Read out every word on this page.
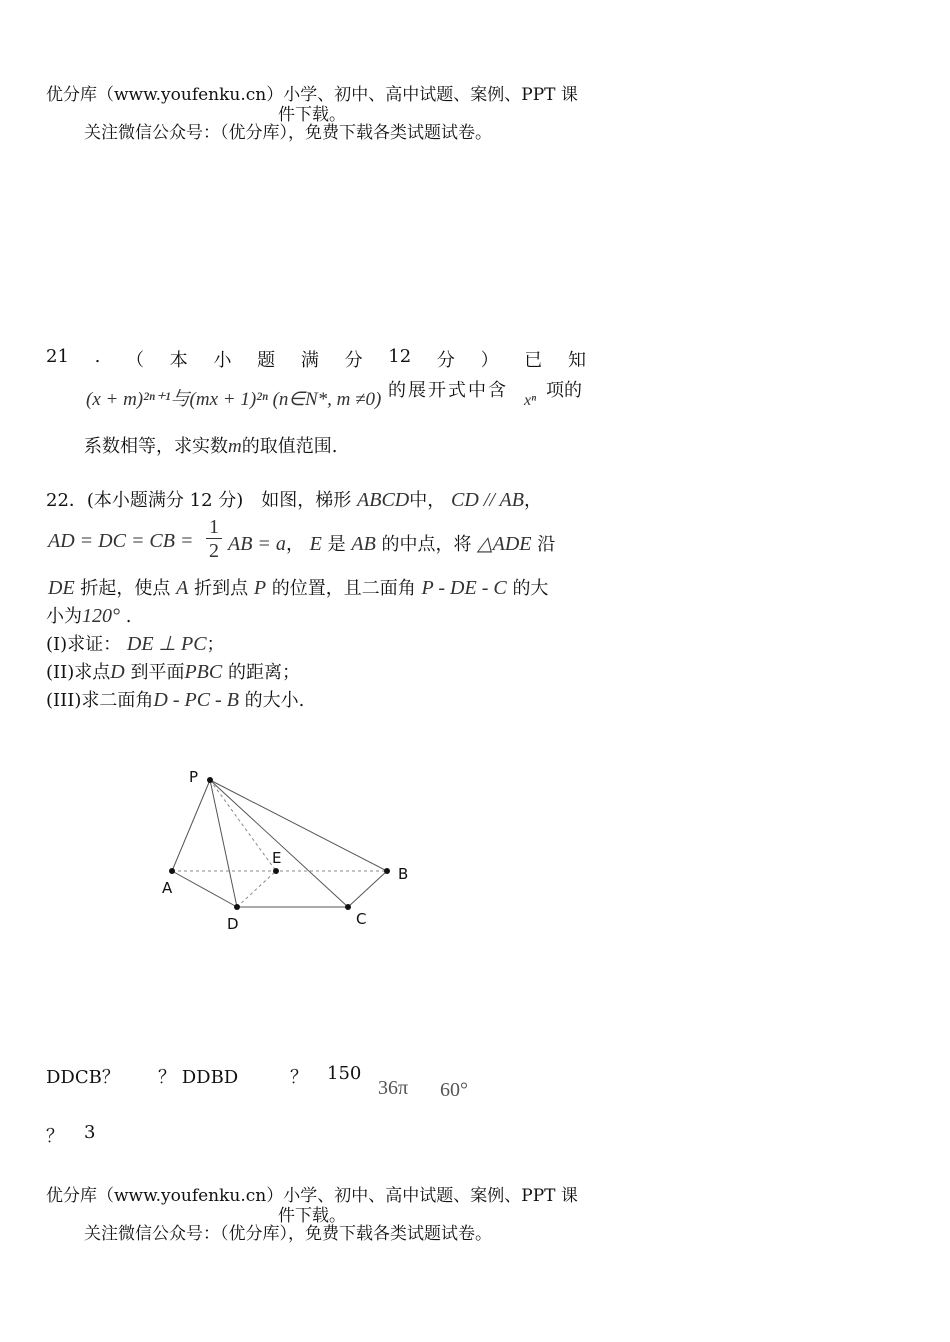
优分库（www.youfenku.cn）小学、初中、高中试题、案例、PPT 课
件下载。
关注微信公众号：（优分库），免费下载各类试题试卷。
21 . （ 本 小 题 满 分 12 分 ） 已 知
(x + m)²ⁿ⁺¹与(mx + 1)²ⁿ (n∈N*, m ≠0) 的展开式中含 xⁿ 项的
系数相等，求实数m的取值范围.
22．(本小题满分 12 分)　如图，梯形 ABCD中， CD // AB，
AD = DC = CB =
1
2 AB = a， E 是 AB 的中点，将 △ADE 沿
DE 折起，使点 A 折到点 P 的位置，且二面角 P - DE - C 的大
小为120° .
(I)求证： DE ⊥ PC；
(II)求点D 到平面PBC 的距离；
(III)求二面角D - PC - B 的大小.
P
E
A
B
D	C
DDCB？ ？ DDBD	？ 150
36π 60°
？ 3
优分库（www.youfenku.cn）小学、初中、高中试题、案例、PPT 课
件下载。
关注微信公众号：（优分库），免费下载各类试题试卷。
